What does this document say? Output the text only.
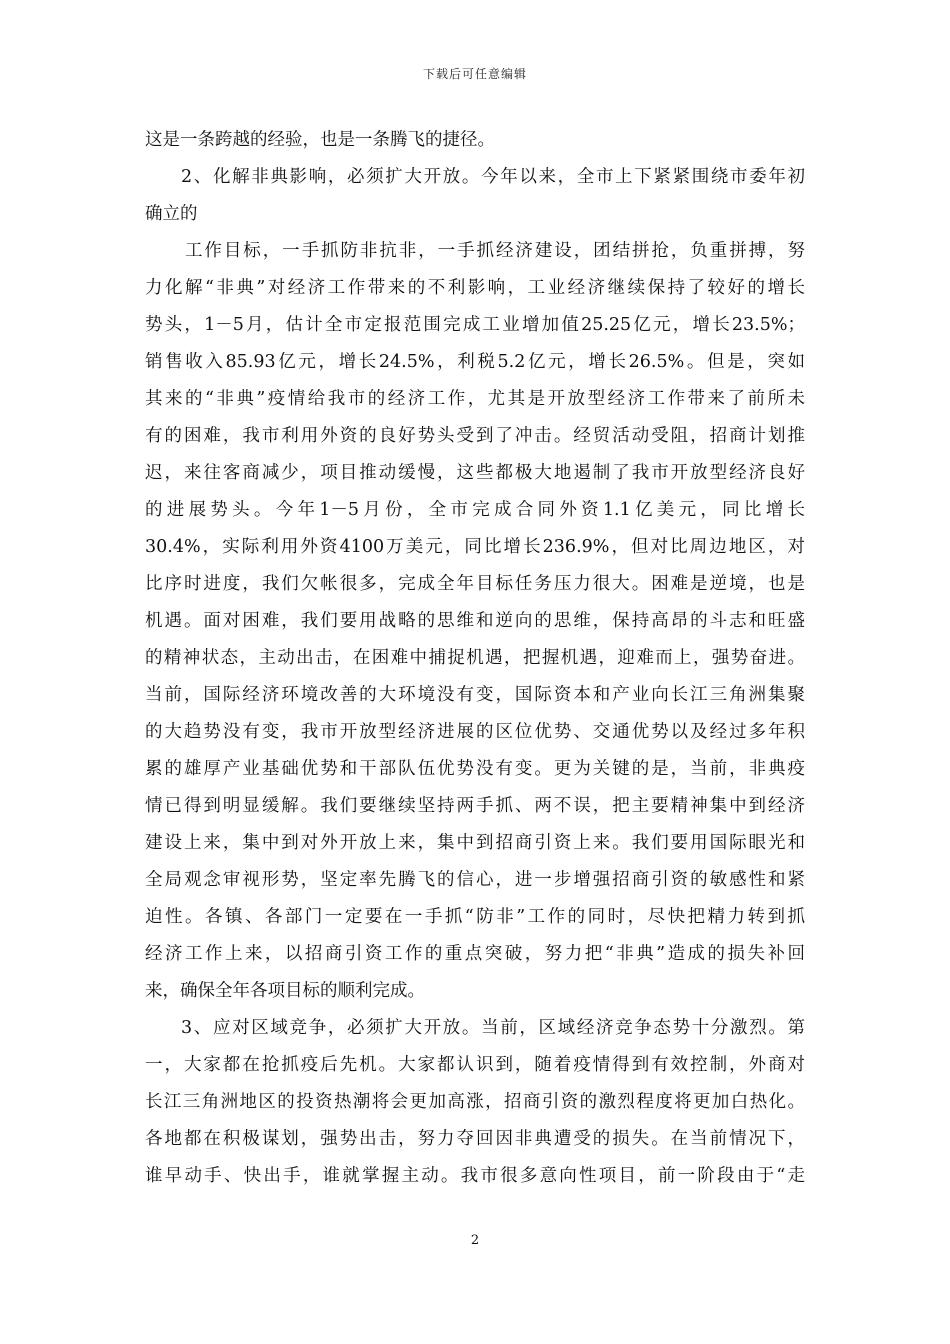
下载后可任意编辑
这是一条跨越的经验，也是一条腾飞的捷径。
2、化解非典影响，必须扩大开放。今年以来，全市上下紧紧围绕市委年初
确立的
工作目标，一手抓防非抗非，一手抓经济建设，团结拼抢，负重拼搏，努
力化解“非典”对经济工作带来的不利影响，工业经济继续保持了较好的增长
势头，1－5月，估计全市定报范围完成工业增加值25.25亿元，增长23.5%；
销售收入85.93亿元，增长24.5%，利税5.2亿元，增长26.5%。但是，突如
其来的“非典”疫情给我市的经济工作，尤其是开放型经济工作带来了前所未
有的困难，我市利用外资的良好势头受到了冲击。经贸活动受阻，招商计划推
迟，来往客商减少，项目推动缓慢，这些都极大地遏制了我市开放型经济良好
的进展势头。今年1－5月份，全市完成合同外资1.1亿美元，同比增长
30.4%，实际利用外资4100万美元，同比增长236.9%，但对比周边地区，对
比序时进度，我们欠帐很多，完成全年目标任务压力很大。困难是逆境，也是
机遇。面对困难，我们要用战略的思维和逆向的思维，保持高昂的斗志和旺盛
的精神状态，主动出击，在困难中捕捉机遇，把握机遇，迎难而上，强势奋进。
当前，国际经济环境改善的大环境没有变，国际资本和产业向长江三角洲集聚
的大趋势没有变，我市开放型经济进展的区位优势、交通优势以及经过多年积
累的雄厚产业基础优势和干部队伍优势没有变。更为关键的是，当前，非典疫
情已得到明显缓解。我们要继续坚持两手抓、两不误，把主要精神集中到经济
建设上来，集中到对外开放上来，集中到招商引资上来。我们要用国际眼光和
全局观念审视形势，坚定率先腾飞的信心，进一步增强招商引资的敏感性和紧
迫性。各镇、各部门一定要在一手抓“防非”工作的同时，尽快把精力转到抓
经济工作上来，以招商引资工作的重点突破，努力把“非典”造成的损失补回
来，确保全年各项目标的顺利完成。
3、应对区域竞争，必须扩大开放。当前，区域经济竞争态势十分激烈。第
一，大家都在抢抓疫后先机。大家都认识到，随着疫情得到有效控制，外商对
长江三角洲地区的投资热潮将会更加高涨，招商引资的激烈程度将更加白热化。
各地都在积极谋划，强势出击，努力夺回因非典遭受的损失。在当前情况下，
谁早动手、快出手，谁就掌握主动。我市很多意向性项目，前一阶段由于“走
2
